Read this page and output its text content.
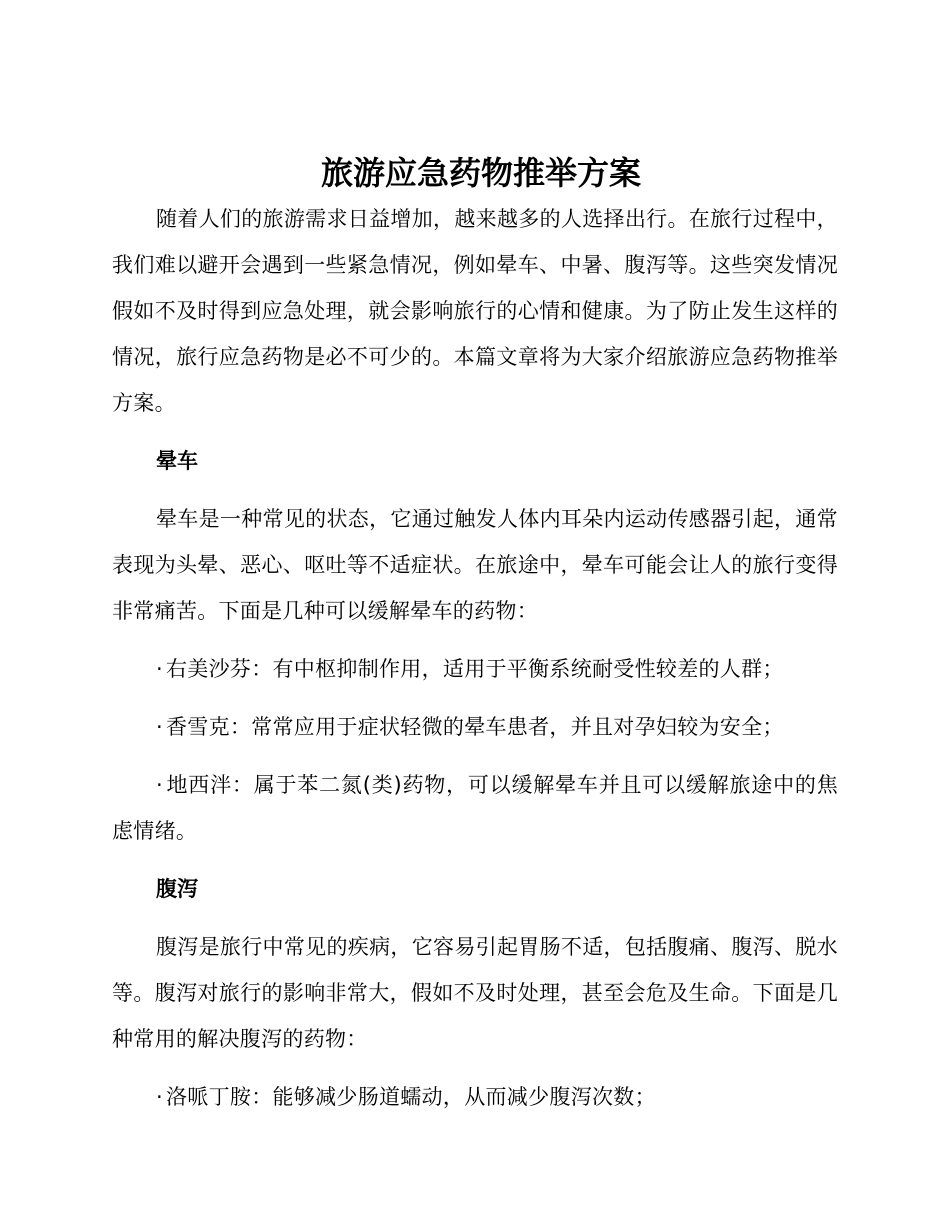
旅游应急药物推举方案

随着人们的旅游需求日益增加，越来越多的人选择出行。在旅行过程中，我们难以避开会遇到一些紧急情况，例如晕车、中暑、腹泻等。这些突发情况假如不及时得到应急处理，就会影响旅行的心情和健康。为了防止发生这样的情况，旅行应急药物是必不可少的。本篇文章将为大家介绍旅游应急药物推举方案。

晕车

晕车是一种常见的状态，它通过触发人体内耳朵内运动传感器引起，通常表现为头晕、恶心、呕吐等不适症状。在旅途中，晕车可能会让人的旅行变得非常痛苦。下面是几种可以缓解晕车的药物：

· 右美沙芬：有中枢抑制作用，适用于平衡系统耐受性较差的人群；

· 香雪克：常常应用于症状轻微的晕车患者，并且对孕妇较为安全；

· 地西泮：属于苯二氮(类)药物，可以缓解晕车并且可以缓解旅途中的焦虑情绪。

腹泻

腹泻是旅行中常见的疾病，它容易引起胃肠不适，包括腹痛、腹泻、脱水等。腹泻对旅行的影响非常大，假如不及时处理，甚至会危及生命。下面是几种常用的解决腹泻的药物：

· 洛哌丁胺：能够减少肠道蠕动，从而减少腹泻次数；
